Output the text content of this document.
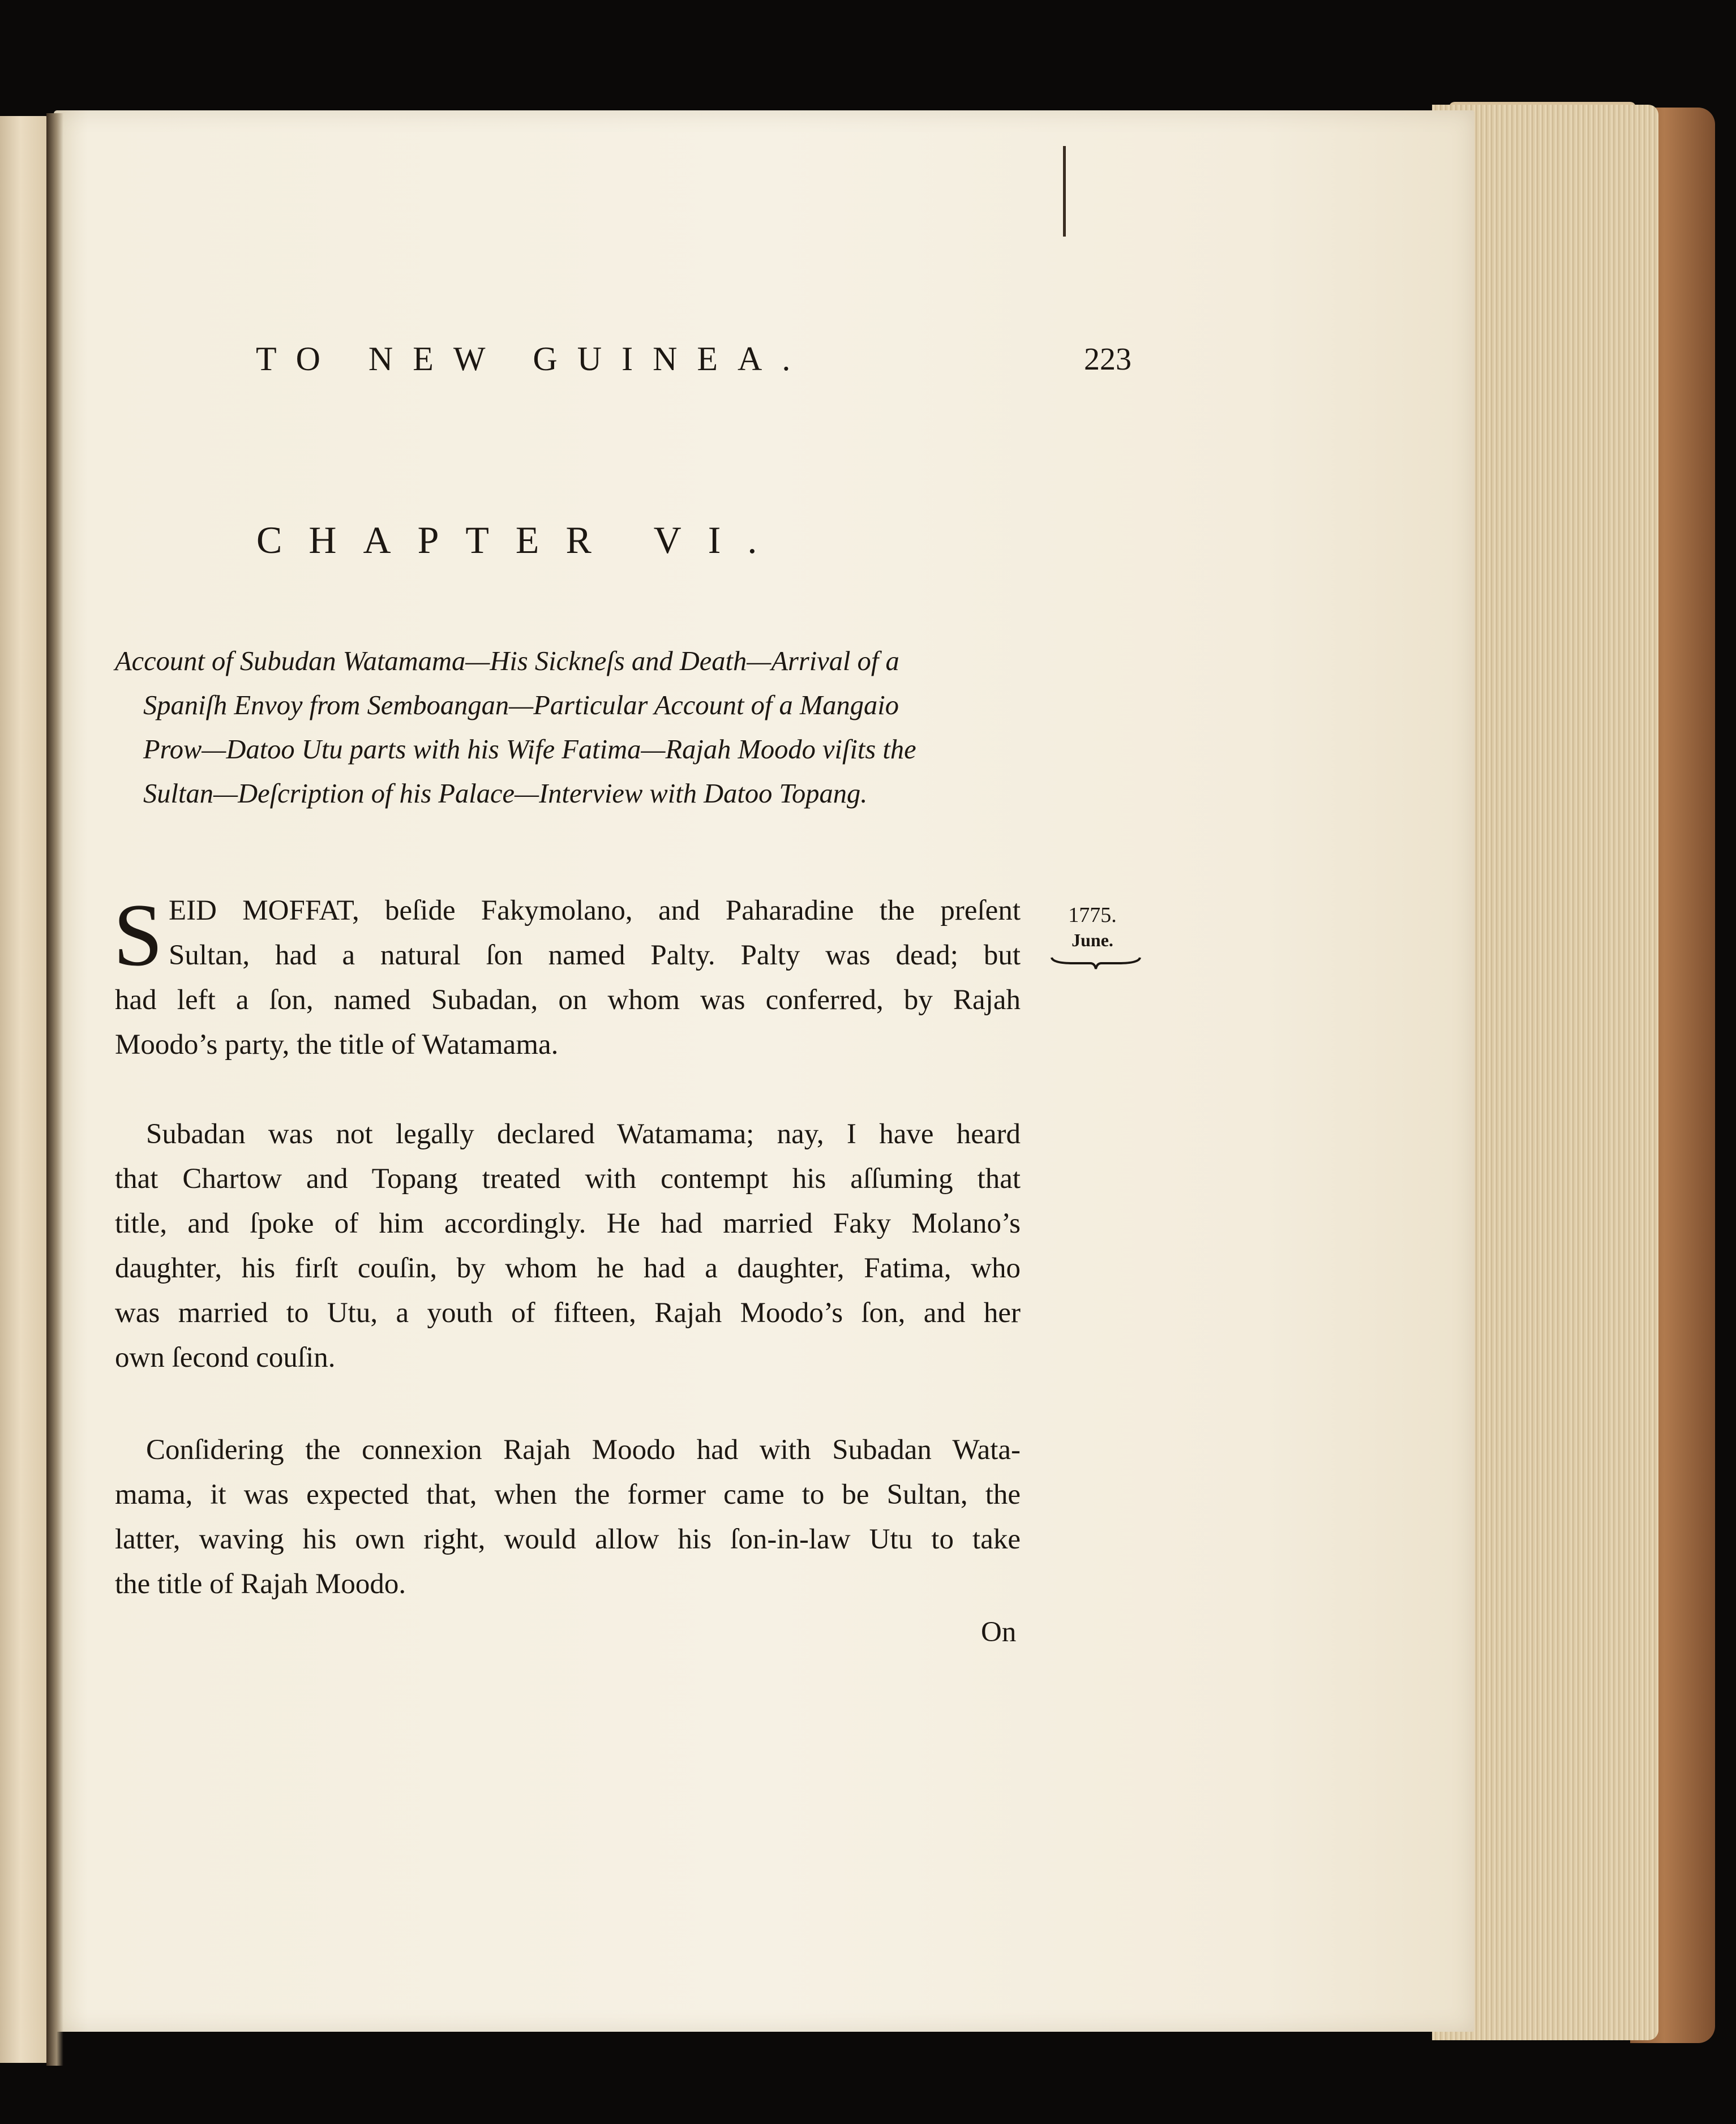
TO NEW GUINEA.	223
CHAPTER VI.
Account of Subudan Watamama—His Sickneſs and Death—Arrival of a
Spaniſh Envoy from Semboangan—Particular Account of a Mangaio
Prow—Datoo Utu parts with his Wife Fatima—Rajah Moodo viſits the
Sultan—Deſcription of his Palace—Interview with Datoo Topang.
1775.
June.
S EID MOFFAT, beſide Fakymolano, and Paharadine the preſent
Sultan, had a natural ſon named Palty. Palty was dead; but
had left a ſon, named Subadan, on whom was conferred, by Rajah
Moodo’s party, the title of Watamama.
Subadan was not legally declared Watamama; nay, I have heard
that Chartow and Topang treated with contempt his aſſuming that
title, and ſpoke of him accordingly. He had married Faky Molano’s
daughter, his firſt couſin, by whom he had a daughter, Fatima, who
was married to Utu, a youth of fifteen, Rajah Moodo’s ſon, and her
own ſecond couſin.
Conſidering the connexion Rajah Moodo had with Subadan Wata-
mama, it was expected that, when the former came to be Sultan, the
latter, waving his own right, would allow his ſon-in-law Utu to take
the title of Rajah Moodo.
On
